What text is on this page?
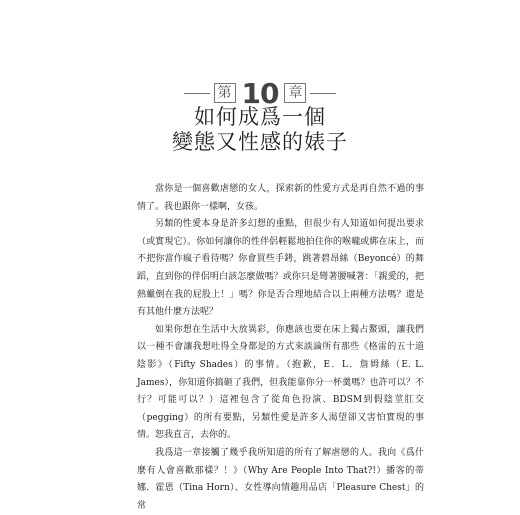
第 10 章
如何成爲一個
變態又性感的婊子

當你是一個喜歡虐戀的女人，探索新的性愛方式是再自然不過的事情了。我也跟你一樣啊，女孩。

另類的性愛本身是許多幻想的重點，但很少有人知道如何提出要求（或實現它）。你如何讓你的性伴侶輕鬆地拍住你的喉嚨或綁在床上，而不把你當作瘋子看待嗎？你會買些手銬，跳著碧昂絲（Beyoncé）的舞蹈，直到你的伴侶明白該怎麼做嗎？或你只是彎著腰喊著：「親愛的，把熱蠟倒在我的屁股上！」嗎？你是否合理地結合以上兩種方法嗎？還是有其他什麼方法呢？

如果你想在生活中大放異彩，你應該也要在床上獨占鰲頭，讓我們以一種不會讓我想吐得全身都是的方式來談論所有那些《格雷的五十道陰影》（Fifty Shades）的事情。（抱歉，E．L．詹姆絲（E. L. James），你知道你搞砸了我們，但我能靠你分一杯羹嗎？也許可以？不行？可能可以？）這裡包含了從角色扮演、BDSM到假陰莖肛交（pegging）的所有要點，另類性愛是許多人渴望卻又害怕實現的事情。恕我直言，去你的。

我爲這一章接觸了幾乎我所知道的所有了解虐戀的人。我向《爲什麼有人會喜歡那樣？！》（Why Are People Into That?!）播客的蒂娜．霍恩（Tina Horn）、女性導向情趣用品店「Pleasure Chest」的常
